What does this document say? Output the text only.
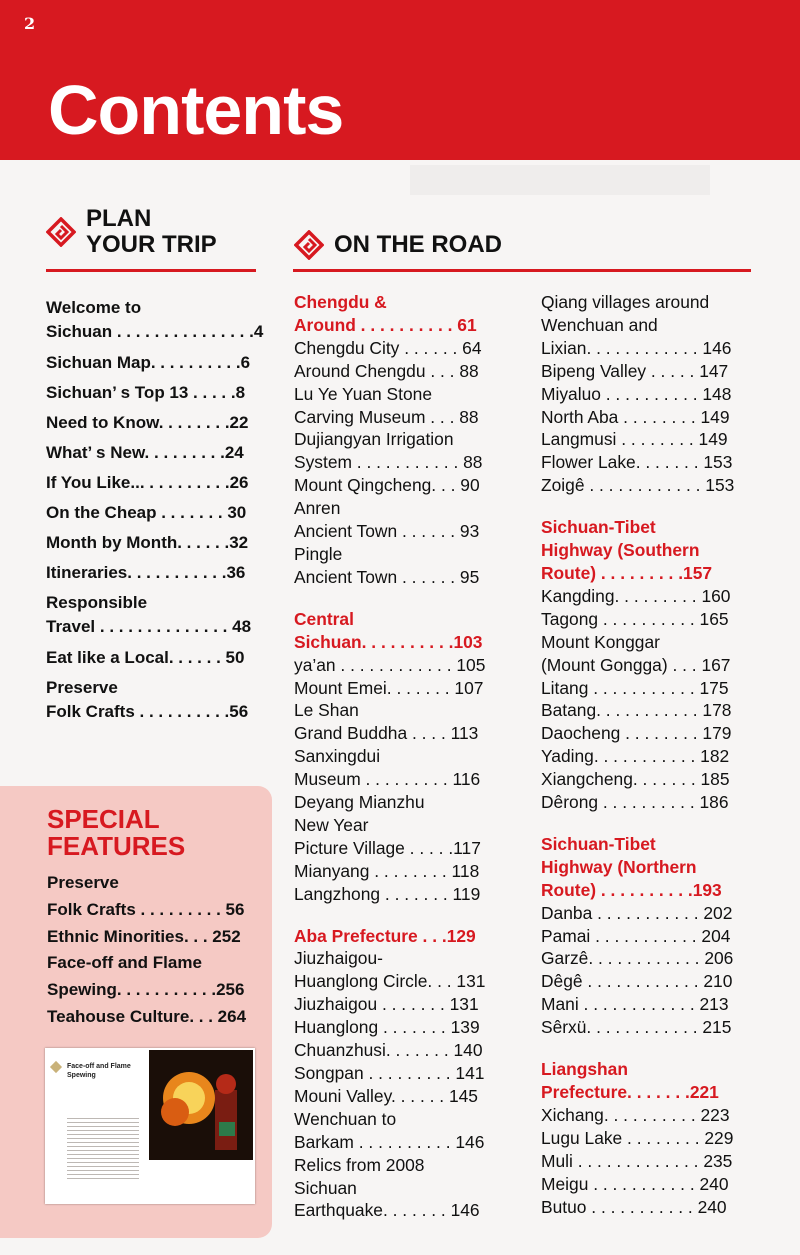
2
Contents
PLAN
YOUR TRIP	ON THE ROAD
Welcome to
Sichuan . . . . . . . . . . . . . . .4
Sichuan Map. . . . . . . . . .6
Sichuan’ s Top 13 . . . . .8
Need to Know. . . . . . . .22
What’ s New. . . . . . . . .24
If You Like... . . . . . . . . .26
On the Cheap . . . . . . . 30
Month by Month. . . . . .32
Itineraries. . . . . . . . . . .36
Responsible
Travel . . . . . . . . . . . . . . 48
Eat like a Local. . . . . . 50
Preserve
Folk Crafts . . . . . . . . . .56
SPECIAL
FEATURES
Preserve
Folk Crafts . . . . . . . . . 56
Ethnic Minorities. . . 252
Face-off and Flame
Spewing. . . . . . . . . . .256
Teahouse Culture. . . 264
Face-off and Flame
Spewing
Chengdu &
Around . . . . . . . . . . 61
Chengdu City . . . . . . 64
Around Chengdu . . . 88
Lu Ye Yuan Stone
Carving Museum . . . 88
Dujiangyan Irrigation
System . . . . . . . . . . . 88
Mount Qingcheng. . . 90
Anren
Ancient Town . . . . . . 93
Pingle
Ancient Town . . . . . . 95
Central
Sichuan. . . . . . . . . .103
ya’an . . . . . . . . . . . . 105
Mount Emei. . . . . . . 107
Le Shan
Grand Buddha . . . . 113
Sanxingdui
Museum . . . . . . . . . 116
Deyang Mianzhu
New Year
Picture Village . . . . .117
Mianyang . . . . . . . . 118
Langzhong . . . . . . . 119
Aba Prefecture . . .129
Jiuzhaigou-
Huanglong Circle. . . 131
Jiuzhaigou . . . . . . . 131
Huanglong . . . . . . . 139
Chuanzhusi. . . . . . . 140
Songpan . . . . . . . . . 141
Mouni Valley. . . . . . 145
Wenchuan to
Barkam . . . . . . . . . . 146
Relics from 2008
Sichuan
Earthquake. . . . . . . 146
Qiang villages around
Wenchuan and
Lixian. . . . . . . . . . . . 146
Bipeng Valley . . . . . 147
Miyaluo . . . . . . . . . . 148
North Aba . . . . . . . . 149
Langmusi . . . . . . . . 149
Flower Lake. . . . . . . 153
Zoigê . . . . . . . . . . . . 153
Sichuan-Tibet
Highway (Southern
Route) . . . . . . . . .157
Kangding. . . . . . . . . 160
Tagong . . . . . . . . . . 165
Mount Konggar
(Mount Gongga) . . . 167
Litang . . . . . . . . . . . 175
Batang. . . . . . . . . . . 178
Daocheng . . . . . . . . 179
Yading. . . . . . . . . . . 182
Xiangcheng. . . . . . . 185
Dêrong . . . . . . . . . . 186
Sichuan-Tibet
Highway (Northern
Route) . . . . . . . . . .193
Danba . . . . . . . . . . . 202
Pamai . . . . . . . . . . . 204
Garzê. . . . . . . . . . . . 206
Dêgê . . . . . . . . . . . . 210
Mani . . . . . . . . . . . . 213
Sêrxü. . . . . . . . . . . . 215
Liangshan
Prefecture. . . . . . .221
Xichang. . . . . . . . . . 223
Lugu Lake . . . . . . . . 229
Muli . . . . . . . . . . . . . 235
Meigu . . . . . . . . . . . 240
Butuo . . . . . . . . . . . 240
